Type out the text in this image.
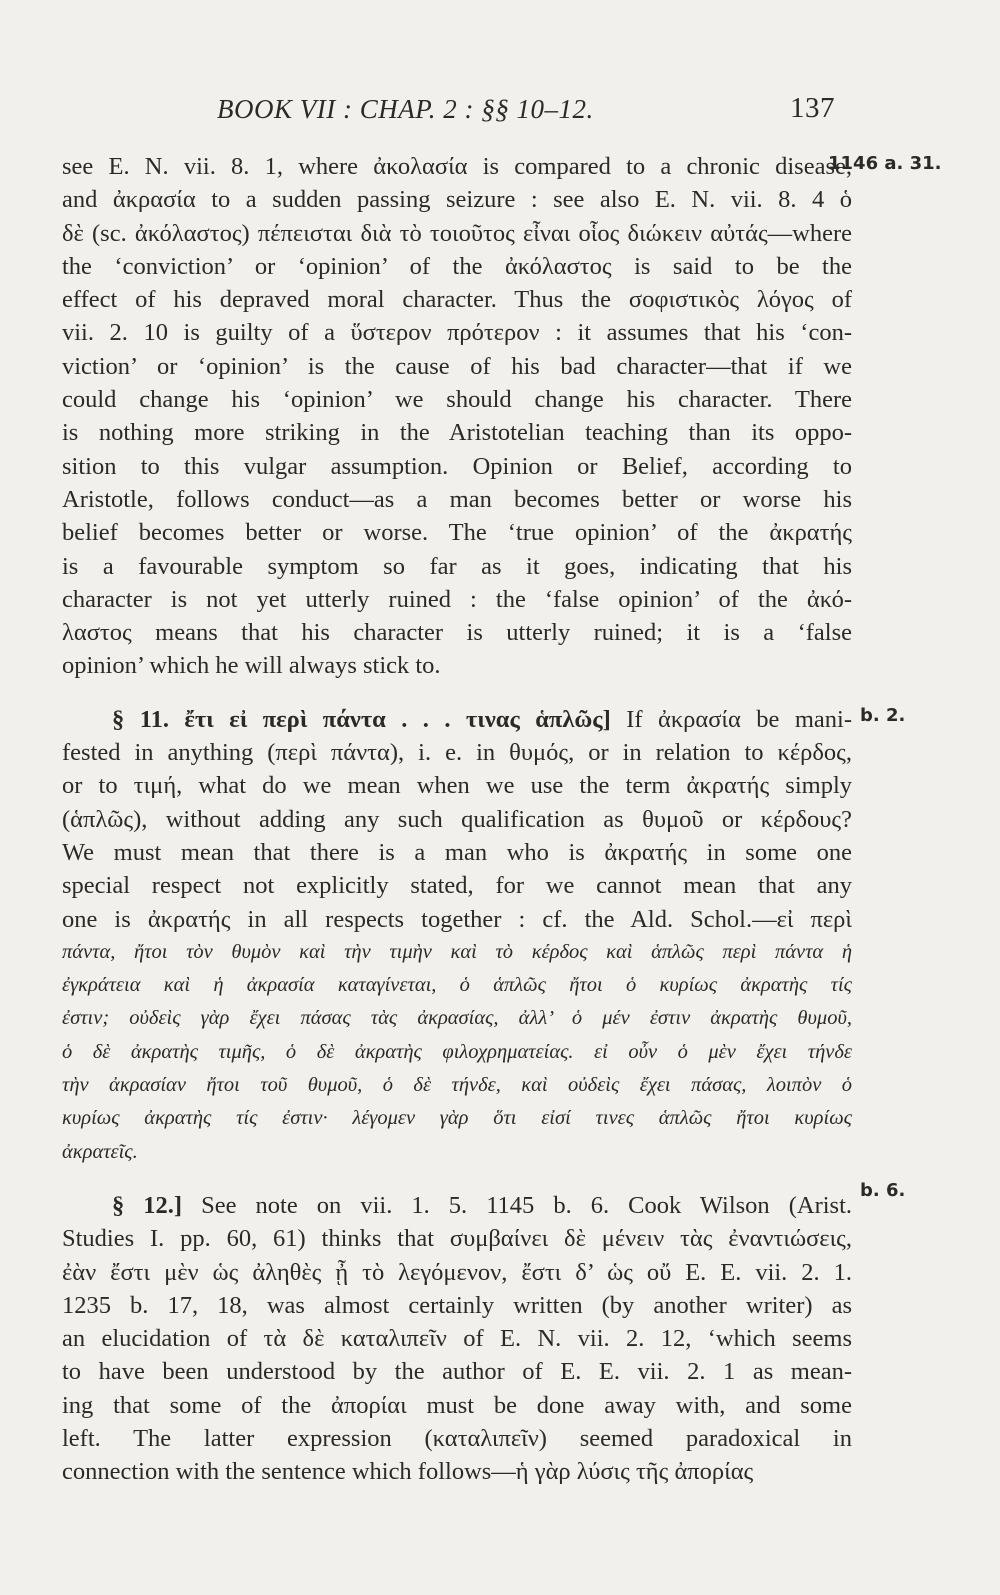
BOOK VII : CHAP. 2 : §§ 10–12.	137
1146 a. 31.
b. 2.
b. 6.
see E. N. vii. 8. 1, where ἀκολασία is compared to a chronic disease,
and ἀκρασία to a sudden passing seizure : see also E. N. vii. 8. 4 ὁ
δὲ (sc. ἀκόλαστος) πέπεισται διὰ τὸ τοιοῦτος εἶναι οἷος διώκειν αὐτάς—where
the ‘conviction’ or ‘opinion’ of the ἀκόλαστος is said to be the
effect of his depraved moral character. Thus the σοφιστικὸς λόγος of
vii. 2. 10 is guilty of a ὕστερον πρότερον : it assumes that his ‘con-
viction’ or ‘opinion’ is the cause of his bad character—that if we
could change his ‘opinion’ we should change his character. There
is nothing more striking in the Aristotelian teaching than its oppo-
sition to this vulgar assumption. Opinion or Belief, according to
Aristotle, follows conduct—as a man becomes better or worse his
belief becomes better or worse. The ‘true opinion’ of the ἀκρατής
is a favourable symptom so far as it goes, indicating that his
character is not yet utterly ruined : the ‘false opinion’ of the ἀκό-
λαστος means that his character is utterly ruined; it is a ‘false
opinion’ which he will always stick to.
§ 11. ἔτι εἰ περὶ πάντα . . . τινας ἁπλῶς] If ἀκρασία be mani-
fested in anything (περὶ πάντα), i. e. in θυμός, or in relation to κέρδος,
or to τιμή, what do we mean when we use the term ἀκρατής simply
(ἁπλῶς), without adding any such qualification as θυμοῦ or κέρδους?
We must mean that there is a man who is ἀκρατής in some one
special respect not explicitly stated, for we cannot mean that any
one is ἀκρατής in all respects together : cf. the Ald. Schol.—εἰ περὶ
πάντα, ἤτοι τὸν θυμὸν καὶ τὴν τιμὴν καὶ τὸ κέρδος καὶ ἁπλῶς περὶ πάντα ἡ
ἐγκράτεια καὶ ἡ ἀκρασία καταγίνεται, ὁ ἁπλῶς ἤτοι ὁ κυρίως ἀκρατὴς τίς
ἐστιν; οὐδεὶς γὰρ ἔχει πάσας τὰς ἀκρασίας, ἀλλ’ ὁ μέν ἐστιν ἀκρατὴς θυμοῦ,
ὁ δὲ ἀκρατὴς τιμῆς, ὁ δὲ ἀκρατὴς φιλοχρηματείας. εἰ οὖν ὁ μὲν ἔχει τήνδε
τὴν ἀκρασίαν ἤτοι τοῦ θυμοῦ, ὁ δὲ τήνδε, καὶ οὐδεὶς ἔχει πάσας, λοιπὸν ὁ
κυρίως ἀκρατὴς τίς ἐστιν· λέγομεν γὰρ ὅτι εἰσί τινες ἁπλῶς ἤτοι κυρίως
ἀκρατεῖς.
§ 12.] See note on vii. 1. 5. 1145 b. 6. Cook Wilson (Arist.
Studies I. pp. 60, 61) thinks that συμβαίνει δὲ μένειν τὰς ἐναντιώσεις,
ἐὰν ἔστι μὲν ὡς ἀληθὲς ᾖ τὸ λεγόμενον, ἔστι δ’ ὡς οὔ E. E. vii. 2. 1.
1235 b. 17, 18, was almost certainly written (by another writer) as
an elucidation of τὰ δὲ καταλιπεῖν of E. N. vii. 2. 12, ‘which seems
to have been understood by the author of E. E. vii. 2. 1 as mean-
ing that some of the ἀπορίαι must be done away with, and some
left. The latter expression (καταλιπεῖν) seemed paradoxical in
connection with the sentence which follows—ἡ γὰρ λύσις τῆς ἀπορίας
